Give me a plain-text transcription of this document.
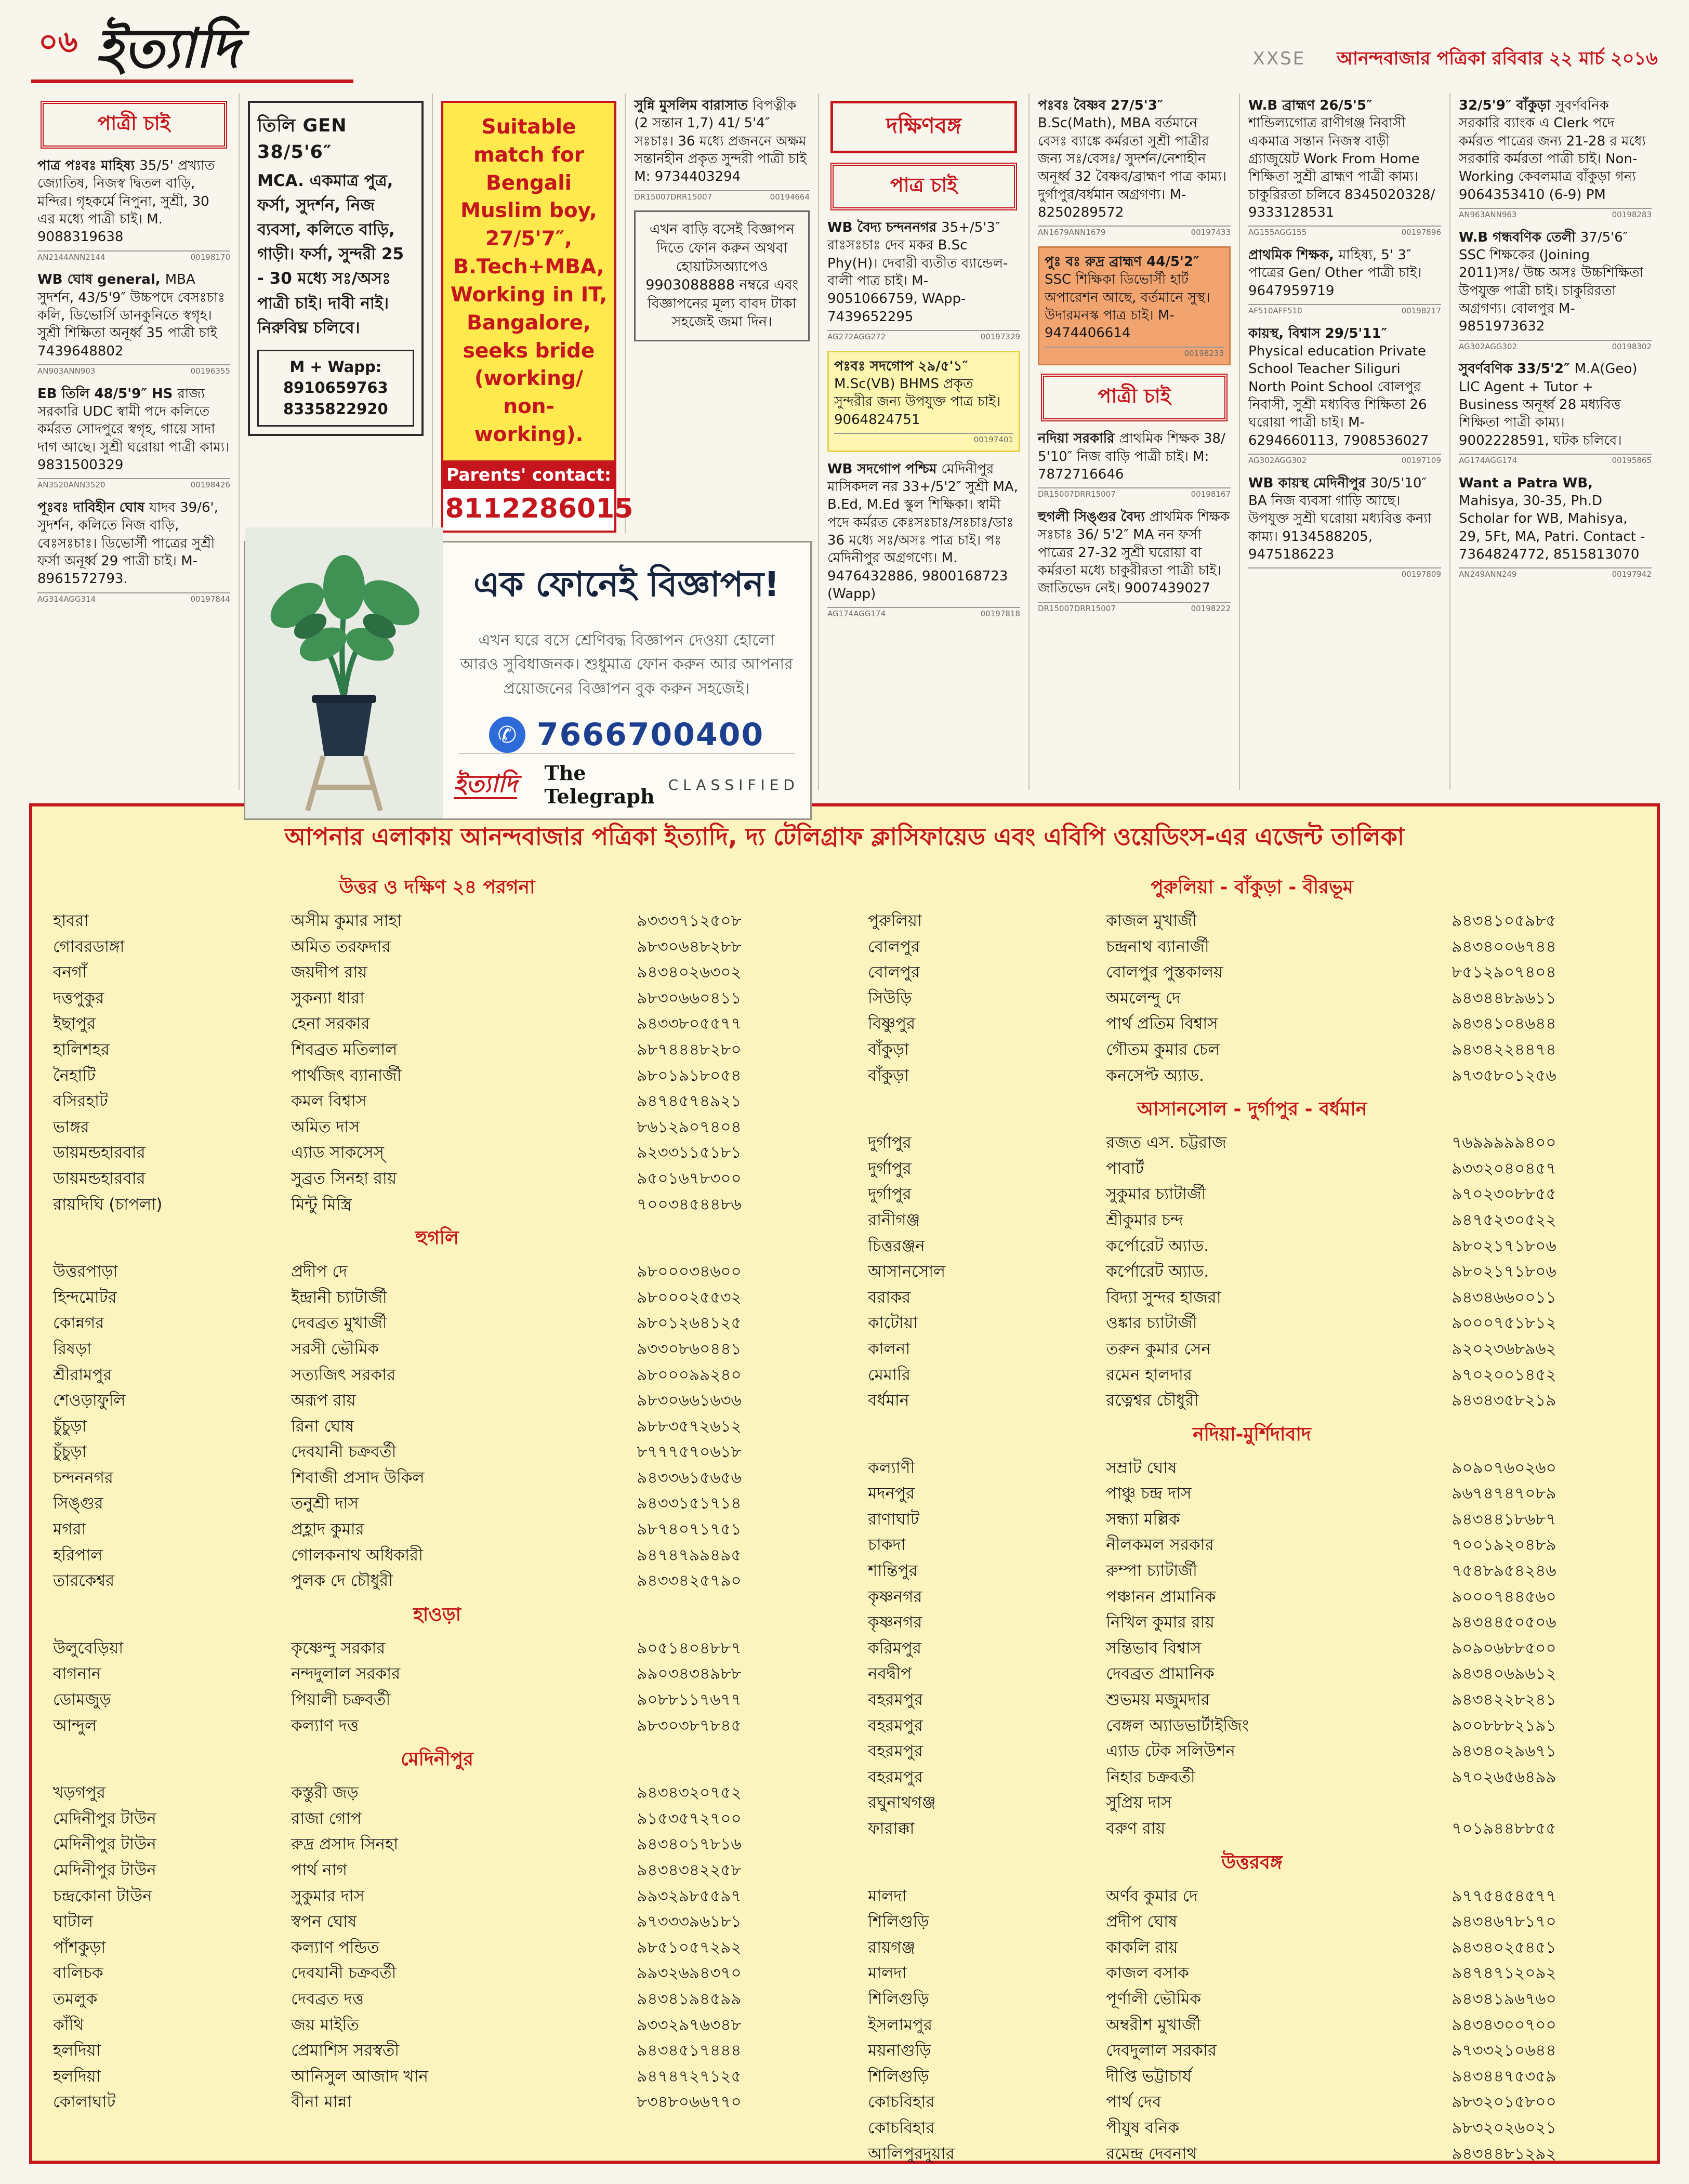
০৬ ইত্যাদি	XXSE আনন্দবাজার পত্রিকা রবিবার ২২ মার্চ ২০১৬
পাত্রী চাই
পাত্র পঃবঃ মাহিষ্য 35/5' প্রখ্যাত জ্যোতিষ, নিজস্ব দ্বিতল বাড়ি, মন্দির। গৃহকর্মে নিপুনা, সুশ্রী, 30 এর মধ্যে পাত্রী চাই। M. 9088319638
AN2144ANN2144	00198170
WB ঘোষ general, MBA সুদর্শন, 43/5'9″ উচ্চপদে বেসঃচাঃ কলি, ডিভোর্সি ডানকুনিতে স্বগৃহ। সুশ্রী শিক্ষিতা অনূর্ধ্ব 35 পাত্রী চাই 7439648802
AN903ANN903	00196355
EB তিলি 48/5'9″ HS রাজ্য সরকারি UDC স্বামী পদে কলিতে কর্মরত সোদপুরে স্বগৃহ, গায়ে সাদা দাগ আছে। সুশ্রী ঘরোয়া পাত্রী কাম্য। 9831500329
AN3520ANN3520	00198426
পূঃবঃ দাবিহীন ঘোষ যাদব 39/6', সুদর্শন, কলিতে নিজ বাড়ি, বেঃসঃচাঃ। ডিভোর্সী পাত্রের সুশ্রী ফর্সা অনূর্ধ্ব 29 পাত্রী চাই। M-8961572793.
AG314AGG314	00197844
তিলি GEN 38/5'6″
MCA. একমাত্র পুত্র, ফর্সা, সুদর্শন, নিজ ব্যবসা, কলিতে বাড়ি, গাড়ী। ফর্সা, সুন্দরী 25 - 30 মধ্যে সঃ/অসঃ পাত্রী চাই। দাবী নাই। নিরুবিঘ্ন চলিবে।
M + Wapp: 8910659763 8335822920
Suitable match for Bengali Muslim boy, 27/5'7″, B.Tech+MBA, Working in IT, Bangalore, seeks bride (working/ non-working).
Parents' contact:
8112286015
সুন্নি মুসলিম বারাসাত বিপত্নীক (2 সন্তান 1,7) 41/ 5'4″ সঃচাঃ। 36 মধ্যে প্রজননে অক্ষম সন্তানহীন প্রকৃত সুন্দরী পাত্রী চাই M: 9734403294
DR15007DRR15007	00194664
এখন বাড়ি বসেই বিজ্ঞাপন দিতে ফোন করুন অথবা হোয়াটসঅ্যাপেও 9903088888 নম্বরে এবং বিজ্ঞাপনের মূল্য বাবদ টাকা সহজেই জমা দিন।
এক ফোনেই বিজ্ঞাপন!
এখন ঘরে বসে শ্রেণিবদ্ধ বিজ্ঞাপন দেওয়া হোলো আরও সুবিধাজনক। শুধুমাত্র ফোন করুন আর আপনার প্রয়োজনের বিজ্ঞাপন বুক করুন সহজেই।
✆ 7666700400
ইত্যাদি The Telegraph CLASSIFIED
দক্ষিণবঙ্গ
পাত্র চাই
WB বৈদ্য চন্দননগর 35+/5'3″ রাঃসঃচাঃ দেব মকর B.Sc Phy(H)। দেবারী ব্যতীত ব্যান্ডেল-বালী পাত্র চাই। M- 9051066759, WApp- 7439652295
AG272AGG272	00197329
পঃবঃ সদগোপ ২৯/৫'১″ M.Sc(VB) BHMS প্রকৃত সুন্দরীর জন্য উপযুক্ত পাত্র চাই। 9064824751
00197401
WB সদগোপ পশ্চিম মেদিনীপুর মাসিকদল নর 33+/5'2″ সুশ্রী MA, B.Ed, M.Ed স্কুল শিক্ষিকা। স্বামী পদে কর্মরত কেঃসঃচাঃ/সঃচাঃ/ডাঃ 36 মধ্যে সঃ/অসঃ পাত্র চাই। পঃ মেদিনীপুর অগ্রগণ্যে। M. 9476432886, 9800168723 (Wapp)
AG174AGG174	00197818
পঃবঃ বৈষ্ণব 27/5'3″ B.Sc(Math), MBA বর্তমানে বেসঃ ব্যাঙ্কে কর্মরতা সুশ্রী পাত্রীর জন্য সঃ/বেসঃ/ সুদর্শন/নেশাহীন অনূর্ধ্ব 32 বৈষ্ণব/ব্রাহ্মণ পাত্র কাম্য। দুর্গাপুর/বর্ধমান অগ্রগণ্য। M-8250289572
AN1679ANN1679	00197433
পুঃ বঃ রুদ্র ব্রাহ্মণ 44/5'2″ SSC শিক্ষিকা ডিভোর্সী হার্ট অপারেশন আছে, বর্তমানে সুস্থ। উদারমনস্ক পাত্র চাই। M-9474406614
00198233
পাত্রী চাই
নদিয়া সরকারি প্রাথমিক শিক্ষক 38/ 5'10″ নিজ বাড়ি পাত্রী চাই। M: 7872716646
DR15007DRR15007	00198167
হুগলী সিঙ্গুর বৈদ্য প্রাথমিক শিক্ষক সঃচাঃ 36/ 5'2″ MA নন ফর্সা পাত্রের 27-32 সুশ্রী ঘরোয়া বা কর্মরতা মধ্যে চাকুরীরতা পাত্রী চাই। জাতিভেদ নেই। 9007439027
DR15007DRR15007	00198222
W.B ব্রাহ্মণ 26/5'5″ শান্ডিল্যগোত্র রাণীগঞ্জ নিবাসী একমাত্র সন্তান নিজস্ব বাড়ী গ্র্যাজুয়েট Work From Home শিক্ষিতা সুশ্রী ব্রাহ্মণ পাত্রী কাম্য। চাকুরিরতা চলিবে 8345020328/ 9333128531
AG155AGG155	00197896
প্রাথমিক শিক্ষক, মাহিষ্য, 5' 3″ পাত্রের Gen/ Other পাত্রী চাই। 9647959719
AF510AFF510	00198217
কায়স্থ, বিশ্বাস 29/5'11″ Physical education Private School Teacher Siliguri North Point School বোলপুর নিবাসী, সুশ্রী মধ্যবিত্ত শিক্ষিতা 26 ঘরোয়া পাত্রী চাই। M-6294660113, 7908536027
AG302AGG302	00197109
WB কায়স্থ মেদিনীপুর 30/5'10″ BA নিজ ব্যবসা গাড়ি আছে। উপযুক্ত সুশ্রী ঘরোয়া মধ্যবিত্ত কন্যা কাম্য। 9134588205, 9475186223
00197809
32/5'9″ বাঁকুড়া সুবর্ণবনিক সরকারি ব্যাংক এ Clerk পদে কর্মরত পাত্রের জন্য 21-28 র মধ্যে সরকারি কর্মরতা পাত্রী চাই। Non-Working কেবলমাত্র বাঁকুড়া গন্য 9064353410 (6-9) PM
AN963ANN963	00198283
W.B গন্ধবণিক তেলী 37/5'6″ SSC শিক্ষকের (Joining 2011)সঃ/ উচ্চ অসঃ উচ্চশিক্ষিতা উপযুক্ত পাত্রী চাই। চাকুরিরতা অগ্রগণ্য। বোলপুর M-9851973632
AG302AGG302	00198302
সুবর্ণবণিক 33/5'2″ M.A(Geo) LIC Agent + Tutor + Business অনূর্ধ্ব 28 মধ্যবিত্ত শিক্ষিতা পাত্রী কাম্য। 9002228591, ঘটক চলিবে।
AG174AGG174	00195865
Want a Patra WB, Mahisya, 30-35, Ph.D Scholar for WB, Mahisya, 29, 5Ft, MA, Patri. Contact - 7364824772, 8515813070
AN249ANN249	00197942
আপনার এলাকায় আনন্দবাজার পত্রিকা ইত্যাদি, দ্য টেলিগ্রাফ ক্লাসিফায়েড এবং এবিপি ওয়েডিংস-এর এজেন্ট তালিকা
উত্তর ও দক্ষিণ ২৪ পরগনা
হাবরা	অসীম কুমার সাহা	৯৩৩৩৭১২৫০৮
গোবরডাঙ্গা	অমিত তরফদার	৯৮৩০৬৪৮২৮৮
বনগাঁ	জয়দীপ রায়	৯৪৩৪০২৬৩০২
দত্তপুকুর	সুকন্যা ধারা	৯৮৩০৬৬০৪১১
ইছাপুর	হেনা সরকার	৯৪৩৩৮০৫৫৭৭
হালিশহর	শিবব্রত মতিলাল	৯৮৭৪৪৪৮২৮০
নৈহাটি	পার্থজিৎ ব্যানার্জী	৯৮০১৯১৮০৫৪
বসিরহাট	কমল বিশ্বাস	৯৪৭৪৫৭৪৯২১
ভাঙ্গর	অমিত দাস	৮৬১২৯০৭৪০৪
ডায়মন্ডহারবার	এ্যাড সাকসেস্	৯২৩৩১১৫১৮১
ডায়মন্ডহারবার	সুব্রত সিনহা রায়	৯৫০১৬৭৮৩০০
রায়দিঘি (চাপলা)	মিন্টু মিস্ত্রি	৭০০৩৪৫৪৪৮৬
হুগলি
উত্তরপাড়া	প্রদীপ দে	৯৮০০০৩৪৬০০
হিন্দমোটর	ইন্দ্রানী চ্যাটার্জী	৯৮০০০২৫৫৩২
কোন্নগর	দেবব্রত মুখার্জী	৯৮০১২৬৪১২৫
রিষড়া	সরসী ভৌমিক	৯৩৩০৮৬০৪৪১
শ্রীরামপুর	সত্যজিৎ সরকার	৯৮০০০৯৯২৪০
শেওড়াফুলি	অরূপ রায়	৯৮৩০৬৬১৬৩৬
চুঁচুড়া	রিনা ঘোষ	৯৮৮৩৫৭২৬১২
চুঁচুড়া	দেবযানী চক্রবর্তী	৮৭৭৭৫৭০৬১৮
চন্দননগর	শিবাজী প্রসাদ উকিল	৯৪৩৩৬১৫৬৫৬
সিঙ্গুর	তনুশ্রী দাস	৯৪৩৩১৫১৭১৪
মগরা	প্রহ্লাদ কুমার	৯৮৭৪০৭১৭৫১
হরিপাল	গোলকনাথ অধিকারী	৯৪৭৪৭৯৯৪৯৫
তারকেশ্বর	পুলক দে চৌধুরী	৯৪৩৩৪২৫৭৯০
হাওড়া
উলুবেড়িয়া	কৃষ্ণেন্দু সরকার	৯০৫১৪০৪৮৮৭
বাগনান	নন্দদুলাল সরকার	৯৯০৩৪৩৪৯৮৮
ডোমজুড়	পিয়ালী চক্রবর্তী	৯০৮৮১১৭৬৭৭
আন্দুল	কল্যাণ দত্ত	৯৮৩০৩৮৭৮৪৫
মেদিনীপুর
খড়গপুর	কস্তুরী জড়	৯৪৩৪৩২০৭৫২
মেদিনীপুর টাউন	রাজা গোপ	৯১৫৩৫৭২৭০০
মেদিনীপুর টাউন	রুদ্র প্রসাদ সিনহা	৯৪৩৪০১৭৮১৬
মেদিনীপুর টাউন	পার্থ নাগ	৯৪৩৪৩৪২২৫৮
চন্দ্রকোনা টাউন	সুকুমার দাস	৯৯৩২৯৮৫৫৯৭
ঘাটাল	স্বপন ঘোষ	৯৭৩৩৩৯৬১৮১
পাঁশকুড়া	কল্যাণ পন্ডিত	৯৮৫১০৫৭২৯২
বালিচক	দেবযানী চক্রবর্তী	৯৯৩২৬৯৪৩৭০
তমলুক	দেবব্রত দত্ত	৯৪৩৪১৯৪৫৯৯
কাঁথি	জয় মাইতি	৯৩৩২৯৭৬৩৪৮
হলদিয়া	প্রেমাশিস সরস্বতী	৯৪৩৪৫১৭৪৪৪
হলদিয়া	আনিসুল আজাদ খান	৯৪৭৪৭২৭১২৫
কোলাঘাট	বীনা মান্না	৮৩৪৮০৬৬৭৭০
পুরুলিয়া - বাঁকুড়া - বীরভূম
পুরুলিয়া	কাজল মুখার্জী	৯৪৩৪১০৫৯৮৫
বোলপুর	চন্দ্রনাথ ব্যানার্জী	৯৪৩৪০০৬৭৪৪
বোলপুর	বোলপুর পুস্তকালয়	৮৫১২৯০৭৪০৪
সিউড়ি	অমলেন্দু দে	৯৪৩৪৪৮৯৬১১
বিষ্ণুপুর	পার্থ প্রতিম বিশ্বাস	৯৪৩৪১০৪৬৪৪
বাঁকুড়া	গৌতম কুমার চেল	৯৪৩৪২২৪৪৭৪
বাঁকুড়া	কনসেপ্ট অ্যাড.	৯৭৩৫৮০১২৫৬
আসানসোল - দুর্গাপুর - বর্ধমান
দুর্গাপুর	রজত এস. চট্টরাজ	৭৬৯৯৯৯৯৪০০
দুর্গাপুর	পাবার্ট	৯৩৩২০৪০৪৫৭
দুর্গাপুর	সুকুমার চ্যাটার্জী	৯৭০২৩০৮৮৫৫
রানীগঞ্জ	শ্রীকুমার চন্দ	৯৪৭৫২৩০৫২২
চিত্তরঞ্জন	কর্পোরেট অ্যাড.	৯৮০২১৭১৮০৬
আসানসোল	কর্পোরেট অ্যাড.	৯৮০২১৭১৮০৬
বরাকর	বিদ্যা সুন্দর হাজরা	৯৪৩৪৬৬০০১১
কাটোয়া	ওঙ্কার চ্যাটার্জী	৯০০০৭৫১৮১২
কালনা	তরুন কুমার সেন	৯২০২৩৬৮৯৬২
মেমারি	রমেন হালদার	৯৭০২০০১৪৫২
বর্ধমান	রত্নেশ্বর চৌধুরী	৯৪৩৪৩৫৮২১৯
নদিয়া-মুর্শিদাবাদ
কল্যাণী	সম্রাট ঘোষ	৯০৯০৭৬০২৬০
মদনপুর	পাঞ্চু চন্দ্র দাস	৯৬৭৪৭৪৭০৮৯
রাণাঘাট	সন্ধ্যা মল্লিক	৯৪৩৪৪১৮৬৮৭
চাকদা	নীলকমল সরকার	৭০০১৯২০৪৮৯
শান্তিপুর	রুম্পা চ্যাটার্জী	৭৫৪৮৯৫৪২৪৬
কৃষ্ণনগর	পঞ্চানন প্রামানিক	৯০০০৭৪৪৫৬০
কৃষ্ণনগর	নিখিল কুমার রায়	৯৪৩৪৪৫০৫০৬
করিমপুর	সন্তিভাব বিশ্বাস	৯০৯০৬৮৮৫০০
নবদ্বীপ	দেবব্রত প্রামানিক	৯৪৩৪০৬৯৬১২
বহরমপুর	শুভময় মজুমদার	৯৪৩৪২২৮২৪১
বহরমপুর	বেঙ্গল অ্যাডভার্টাইজিং	৯০০৮৮৮২১৯১
বহরমপুর	এ্যাড টেক সলিউশন	৯৪৩৪০২৯৬৭১
বহরমপুর	নিহার চক্রবর্তী	৯৭০২৬৫৬৪৯৯
রঘুনাথগঞ্জ	সুপ্রিয় দাস
ফারাক্কা	বরুণ রায়	৭০১৯৪৪৮৮৫৫
উত্তরবঙ্গ
মালদা	অর্ণব কুমার দে	৯৭৭৫৪৫৪৫৭৭
শিলিগুড়ি	প্রদীপ ঘোষ	৯৪৩৪৬৭৮১৭০
রায়গঞ্জ	কাকলি রায়	৯৪৩৪০২৫৪৫১
মালদা	কাজল বসাক	৯৪৭৪৭১২০৯২
শিলিগুড়ি	পূর্ণালী ভৌমিক	৯৪৩৪১৯৬৭৬০
ইসলামপুর	অম্বরীশ মুখার্জী	৯৪৩৪৩০০৭০০
ময়নাগুড়ি	দেবদুলাল সরকার	৯৭৩৩২১০৬৪৪
শিলিগুড়ি	দীপ্তি ভট্টাচার্য	৯৪৩৪৪৭৫৩৫৯
কোচবিহার	পার্থ দেব	৯৮৩২০১৫৮০০
কোচবিহার	পীযুষ বনিক	৯৮৩২০২৬০২১
আলিপুরদুয়ার	রমেন্দ্র দেবনাথ	৯৪৩৪৪৮১২৯২
